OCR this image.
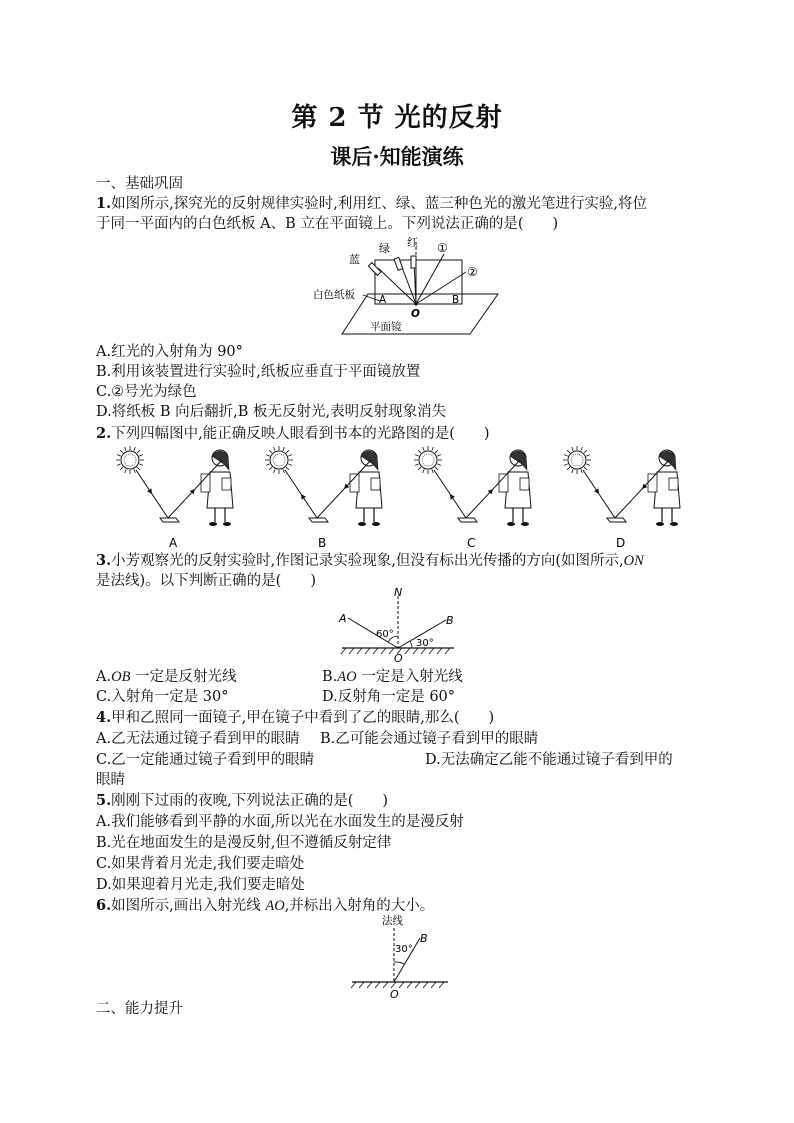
第 2 节 光的反射
课后·知能演练
一、基础巩固
1.如图所示,探究光的反射规律实验时,利用红、绿、蓝三种色光的激光笔进行实验,将位
于同一平面内的白色纸板 A、B 立在平面镜上。下列说法正确的是(　　)
绿 红
蓝
①
②
白色纸板 A	B
O
平面镜
A.红光的入射角为 90°
B.利用该装置进行实验时,纸板应垂直于平面镜放置
C.②号光为绿色
D.将纸板 B 向后翻折,B 板无反射光,表明反射现象消失
2.下列四幅图中,能正确反映人眼看到书本的光路图的是(　　)
A	B	C	D
3.小芳观察光的反射实验时,作图记录实验现象,但没有标出光传播的方向(如图所示,ON
是法线)。以下判断正确的是(　　)
N
A	B
O
60°
30°
A.OB 一定是反射光线	B.AO 一定是入射光线
C.入射角一定是 30°	D.反射角一定是 60°
4.甲和乙照同一面镜子,甲在镜子中看到了乙的眼睛,那么(　　)
A.乙无法通过镜子看到甲的眼睛 B.乙可能会通过镜子看到甲的眼睛
C.乙一定能通过镜子看到甲的眼睛	D.无法确定乙能不能通过镜子看到甲的
眼睛
5.刚刚下过雨的夜晚,下列说法正确的是(　　)
A.我们能够看到平静的水面,所以光在水面发生的是漫反射
B.光在地面发生的是漫反射,但不遵循反射定律
C.如果背着月光走,我们要走暗处
D.如果迎着月光走,我们要走暗处
6.如图所示,画出入射光线 AO,并标出入射角的大小。
法线
B
O
30°
二、能力提升
